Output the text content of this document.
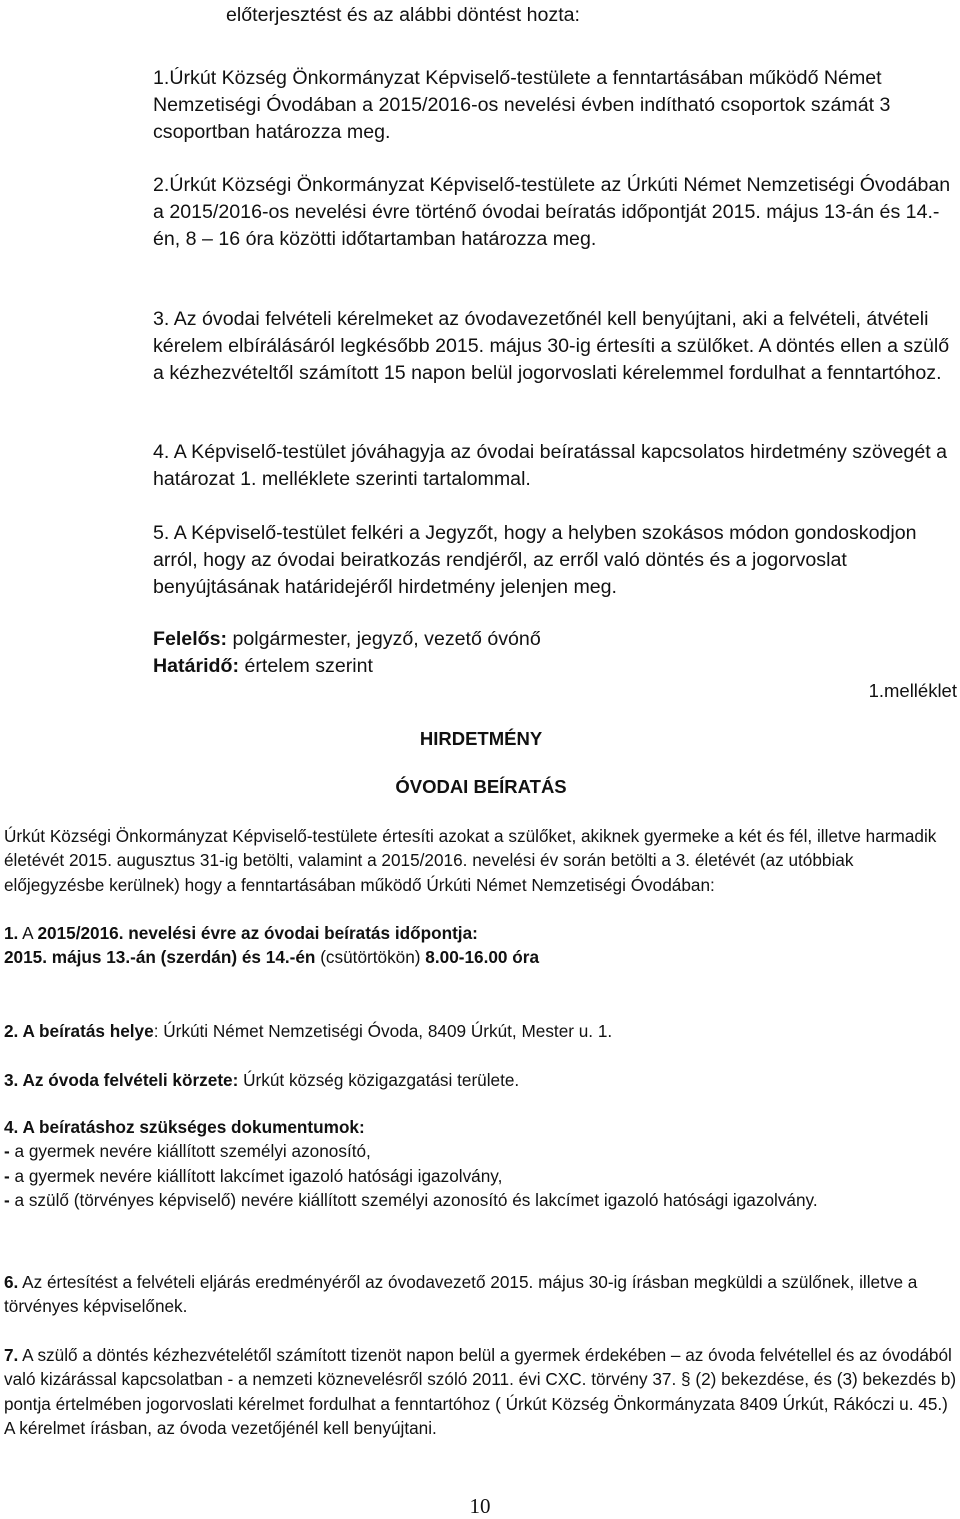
előterjesztést és az alábbi döntést hozta:

1.Úrkút Község Önkormányzat Képviselő-testülete a fenntartásában működő Német Nemzetiségi Óvodában a 2015/2016-os nevelési évben indítható csoportok számát 3 csoportban határozza meg.

2.Úrkút Községi Önkormányzat Képviselő-testülete az Úrkúti Német Nemzetiségi Óvodában a 2015/2016-os nevelési évre történő óvodai beíratás időpontját 2015. május 13-án és 14.-én, 8 – 16 óra közötti időtartamban határozza meg.

3. Az óvodai felvételi kérelmeket az óvodavezetőnél kell benyújtani, aki a felvételi, átvételi kérelem elbírálásáról legkésőbb 2015. május 30-ig értesíti a szülőket. A döntés ellen a szülő a kézhezvételtől számított 15 napon belül jogorvoslati kérelemmel fordulhat a fenntartóhoz.

4. A Képviselő-testület jóváhagyja az óvodai beíratással kapcsolatos hirdetmény szövegét a határozat 1. melléklete szerinti tartalommal.

5. A Képviselő-testület felkéri a Jegyzőt, hogy a helyben szokásos módon gondoskodjon arról, hogy az óvodai beiratkozás rendjéről, az erről való döntés és a jogorvoslat benyújtásának határidejéről hirdetmény jelenjen meg.

Felelős: polgármester, jegyző, vezető óvónő

Határidő: értelem szerint

1.melléklet

HIRDETMÉNY

ÓVODAI BEÍRATÁS

Úrkút Községi Önkormányzat Képviselő-testülete értesíti azokat a szülőket, akiknek gyermeke a két és fél, illetve harmadik életévét 2015. augusztus 31-ig betölti, valamint a 2015/2016. nevelési év során betölti a 3. életévét (az utóbbiak előjegyzésbe kerülnek) hogy a fenntartásában működő Úrkúti Német Nemzetiségi Óvodában:

1. A 2015/2016. nevelési évre az óvodai beíratás időpontja:
2015. május 13.-án (szerdán) és 14.-én (csütörtökön) 8.00-16.00 óra

2. A beíratás helye: Úrkúti Német Nemzetiségi Óvoda, 8409 Úrkút, Mester u. 1.

3. Az óvoda felvételi körzete: Úrkút község közigazgatási területe.

4. A beíratáshoz szükséges dokumentumok:
- a gyermek nevére kiállított személyi azonosító,
- a gyermek nevére kiállított lakcímet igazoló hatósági igazolvány,
- a szülő (törvényes képviselő) nevére kiállított személyi azonosító és lakcímet igazoló hatósági igazolvány.

6. Az értesítést a felvételi eljárás eredményéről az óvodavezető 2015. május 30-ig írásban megküldi a szülőnek, illetve a törvényes képviselőnek.

7. A szülő a döntés kézhezvételétől számított tizenöt napon belül a gyermek érdekében – az óvoda felvétellel és az óvodából való kizárással kapcsolatban - a nemzeti köznevelésről szóló 2011. évi CXC. törvény 37. § (2) bekezdése, és (3) bekezdés b) pontja értelmében jogorvoslati kérelmet fordulhat a fenntartóhoz ( Úrkút Község Önkormányzata 8409 Úrkút, Rákóczi u. 45.) A kérelmet írásban, az óvoda vezetőjénél kell benyújtani.

10
